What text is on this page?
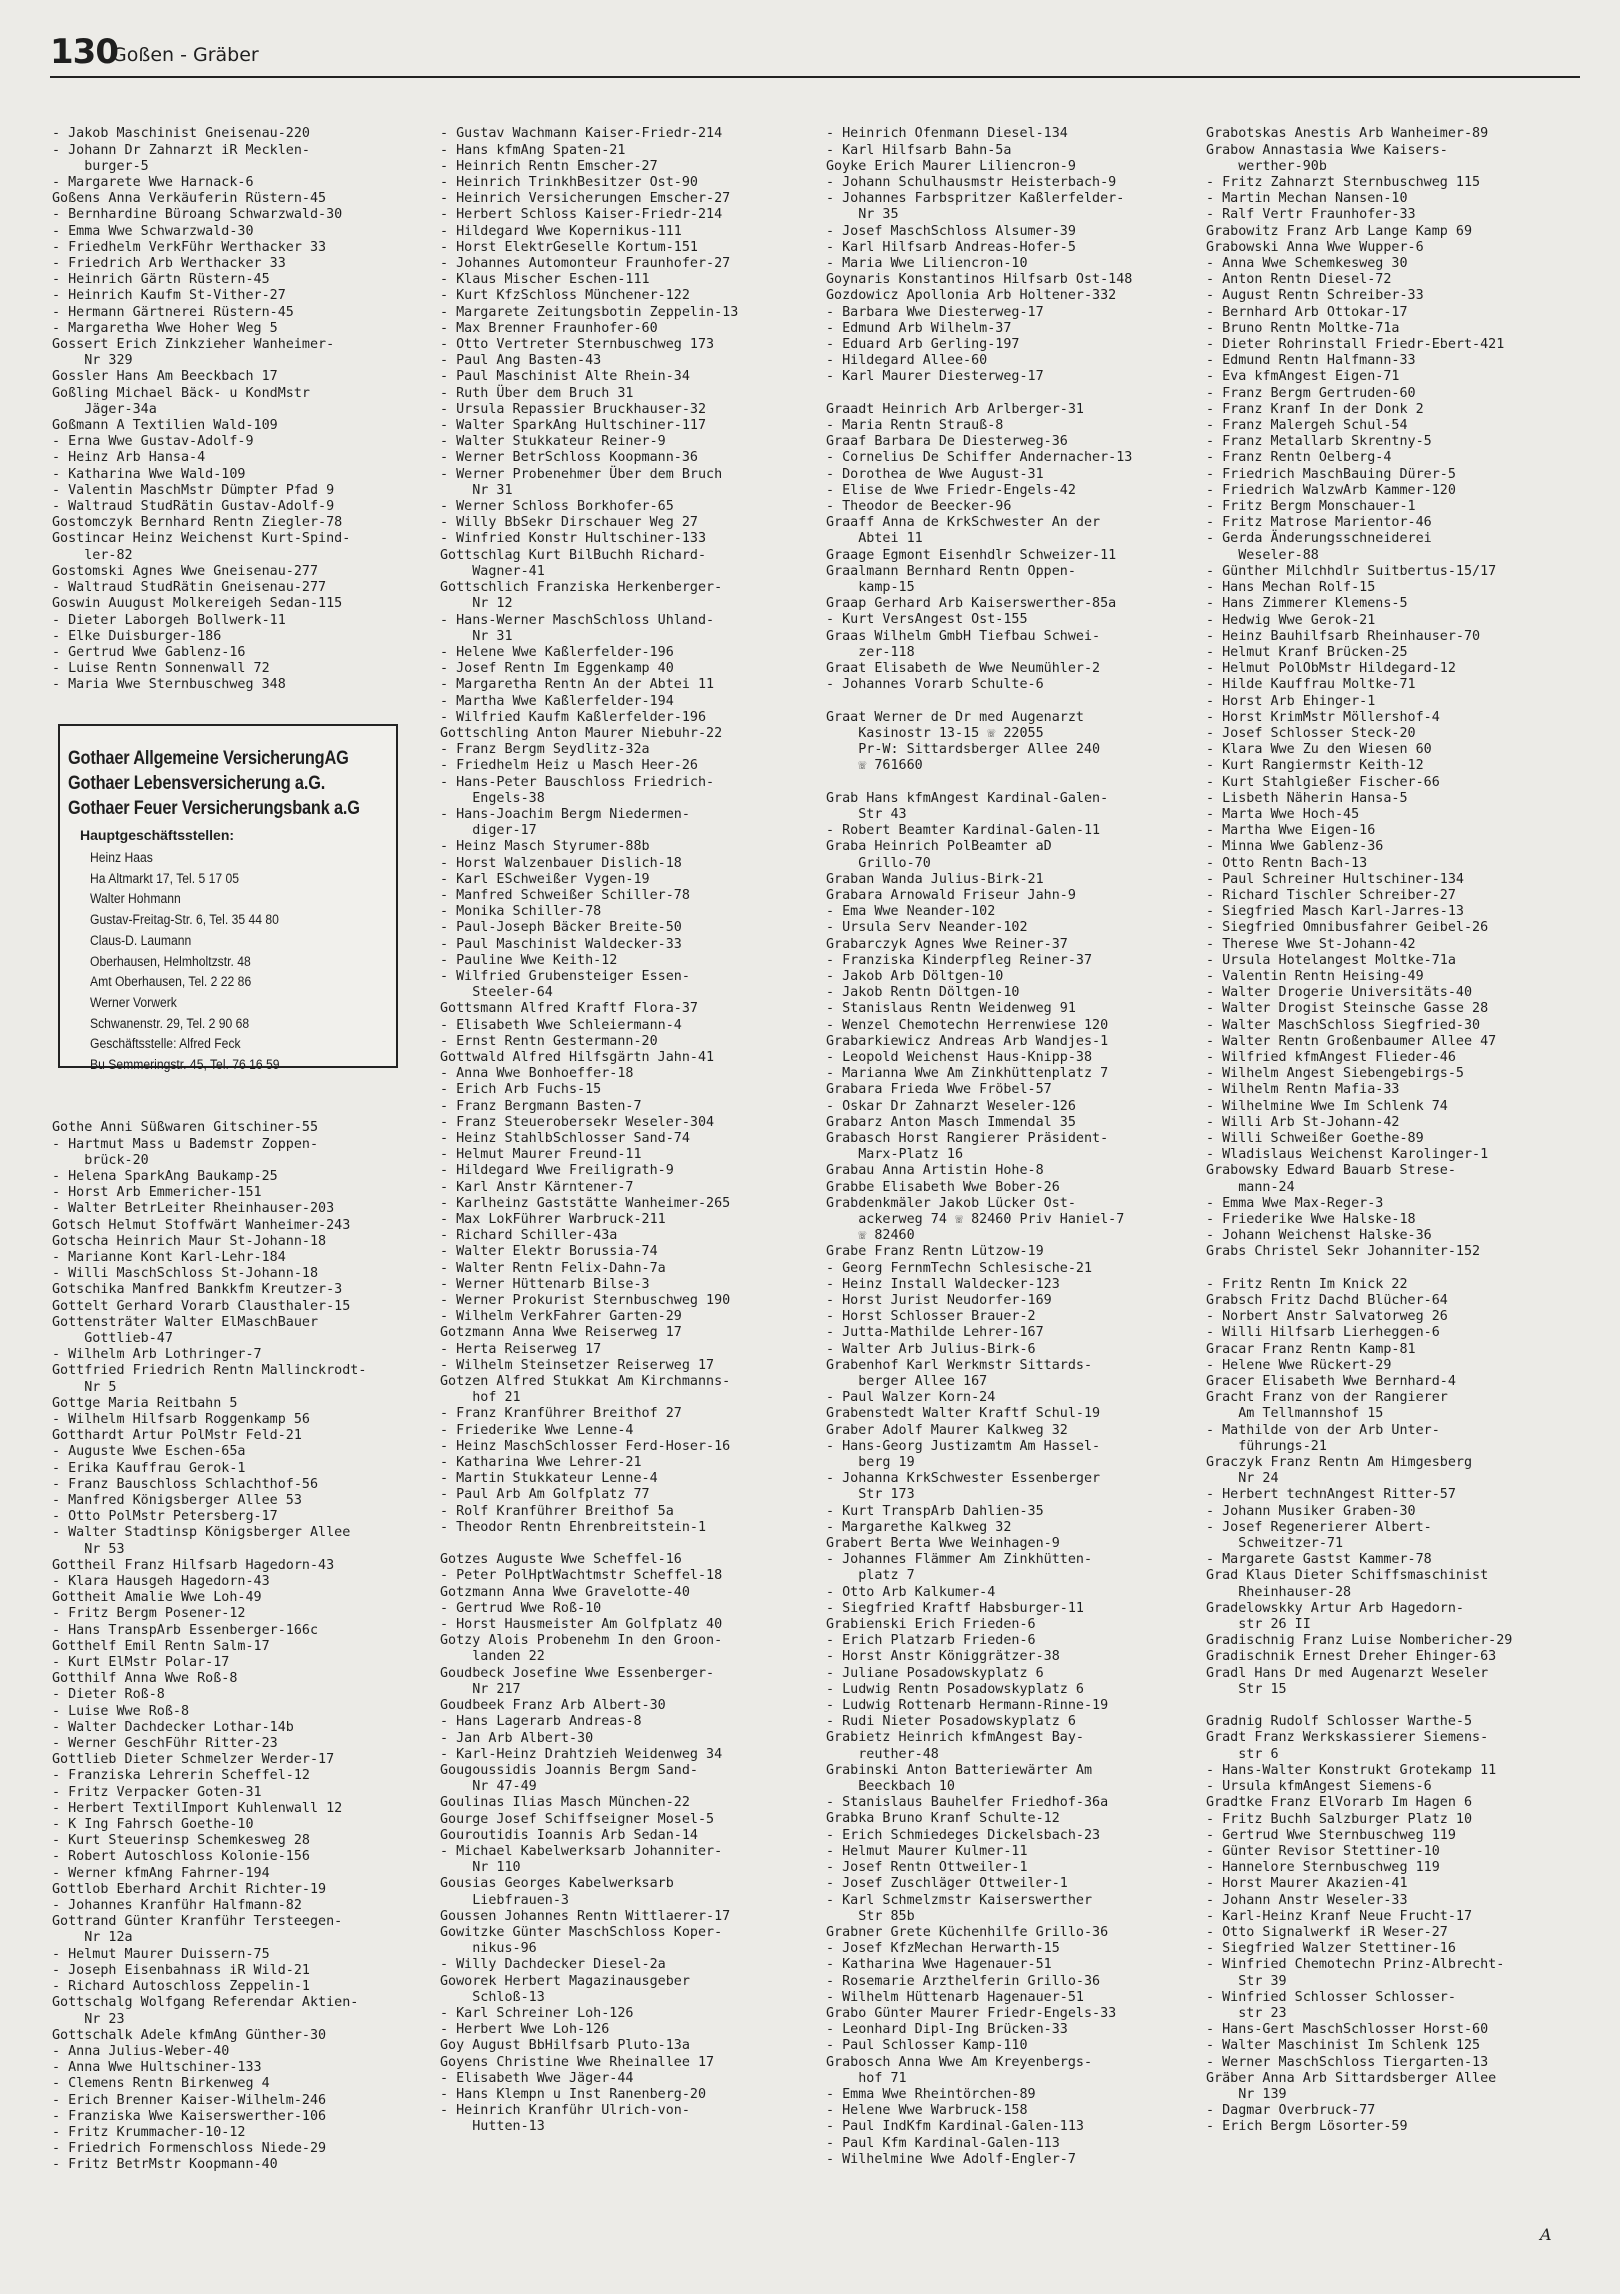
130
Goßen - Gräber

- Jakob Maschinist Gneisenau-220
- Johann Dr Zahnarzt iR Mecklen-
burger-5
- Margarete Wwe Harnack-6
Goßens Anna Verkäuferin Rüstern-45
- Bernhardine Büroang Schwarzwald-30
- Emma Wwe Schwarzwald-30
- Friedhelm VerkFühr Werthacker 33
- Friedrich Arb Werthacker 33
- Heinrich Gärtn Rüstern-45
- Heinrich Kaufm St-Vither-27
- Hermann Gärtnerei Rüstern-45
- Margaretha Wwe Hoher Weg 5
Gossert Erich Zinkzieher Wanheimer-
Nr 329
Gossler Hans Am Beeckbach 17
Goßling Michael Bäck- u KondMstr
Jäger-34a
Goßmann A Textilien Wald-109
- Erna Wwe Gustav-Adolf-9
- Heinz Arb Hansa-4
- Katharina Wwe Wald-109
- Valentin MaschMstr Dümpter Pfad 9
- Waltraud StudRätin Gustav-Adolf-9
Gostomczyk Bernhard Rentn Ziegler-78
Gostincar Heinz Weichenst Kurt-Spind-
ler-82
Gostomski Agnes Wwe Gneisenau-277
- Waltraud StudRätin Gneisenau-277
Goswin Auugust Molkereigeh Sedan-115
- Dieter Laborgeh Bollwerk-11
- Elke Duisburger-186
- Gertrud Wwe Gablenz-16
- Luise Rentn Sonnenwall 72
- Maria Wwe Sternbuschweg 348

Gothe Anni Süßwaren Gitschiner-55
- Hartmut Mass u Bademstr Zoppen-
brück-20
- Helena SparkAng Baukamp-25
- Horst Arb Emmericher-151
- Walter BetrLeiter Rheinhauser-203
Gotsch Helmut Stoffwärt Wanheimer-243
Gotscha Heinrich Maur St-Johann-18
- Marianne Kont Karl-Lehr-184
- Willi MaschSchloss St-Johann-18
Gotschika Manfred Bankkfm Kreutzer-3
Gottelt Gerhard Vorarb Clausthaler-15
Gottensträter Walter ElMaschBauer
Gottlieb-47
- Wilhelm Arb Lothringer-7
Gottfried Friedrich Rentn Mallinckrodt-
Nr 5
Gottge Maria Reitbahn 5
- Wilhelm Hilfsarb Roggenkamp 56
Gotthardt Artur PolMstr Feld-21
- Auguste Wwe Eschen-65a
- Erika Kauffrau Gerok-1
- Franz Bauschloss Schlachthof-56
- Manfred Königsberger Allee 53
- Otto PolMstr Petersberg-17
- Walter Stadtinsp Königsberger Allee
Nr 53
Gottheil Franz Hilfsarb Hagedorn-43
- Klara Hausgeh Hagedorn-43
Gottheit Amalie Wwe Loh-49
- Fritz Bergm Posener-12
- Hans TranspArb Essenberger-166c
Gotthelf Emil Rentn Salm-17
- Kurt ElMstr Polar-17
Gotthilf Anna Wwe Roß-8
- Dieter Roß-8
- Luise Wwe Roß-8
- Walter Dachdecker Lothar-14b
- Werner GeschFühr Ritter-23
Gottlieb Dieter Schmelzer Werder-17
- Franziska Lehrerin Scheffel-12
- Fritz Verpacker Goten-31
- Herbert TextilImport Kuhlenwall 12
- K Ing Fahrsch Goethe-10
- Kurt Steuerinsp Schemkesweg 28
- Robert Autoschloss Kolonie-156
- Werner kfmAng Fahrner-194
Gottlob Eberhard Archit Richter-19
- Johannes Kranführ Halfmann-82
Gottrand Günter Kranführ Tersteegen-
Nr 12a
- Helmut Maurer Duissern-75
- Joseph Eisenbahnass iR Wild-21
- Richard Autoschloss Zeppelin-1
Gottschalg Wolfgang Referendar Aktien-
Nr 23
Gottschalk Adele kfmAng Günther-30
- Anna Julius-Weber-40
- Anna Wwe Hultschiner-133
- Clemens Rentn Birkenweg 4
- Erich Brenner Kaiser-Wilhelm-246
- Franziska Wwe Kaiserswerther-106
- Fritz Krummacher-10-12
- Friedrich Formenschloss Niede-29
- Fritz BetrMstr Koopmann-40

Gothaer Allgemeine VersicherungAG
Gothaer Lebensversicherung a.G.
Gothaer Feuer Versicherungsbank a.G
Hauptgeschäftsstellen:
Heinz Haas
Ha Altmarkt 17, Tel. 5 17 05
Walter Hohmann
Gustav-Freitag-Str. 6, Tel. 35 44 80
Claus-D. Laumann
Oberhausen, Helmholtzstr. 48
Amt Oberhausen, Tel. 2 22 86
Werner Vorwerk
Schwanenstr. 29, Tel. 2 90 68
Geschäftsstelle: Alfred Feck
Bu Semmeringstr. 45, Tel. 76 16 59

- Gustav Wachmann Kaiser-Friedr-214
- Hans kfmAng Spaten-21
- Heinrich Rentn Emscher-27
- Heinrich TrinkhBesitzer Ost-90
- Heinrich Versicherungen Emscher-27
- Herbert Schloss Kaiser-Friedr-214
- Hildegard Wwe Kopernikus-111
- Horst ElektrGeselle Kortum-151
- Johannes Automonteur Fraunhofer-27
- Klaus Mischer Eschen-111
- Kurt KfzSchloss Münchener-122
- Margarete Zeitungsbotin Zeppelin-13
- Max Brenner Fraunhofer-60
- Otto Vertreter Sternbuschweg 173
- Paul Ang Basten-43
- Paul Maschinist Alte Rhein-34
- Ruth Über dem Bruch 31
- Ursula Repassier Bruckhauser-32
- Walter SparkAng Hultschiner-117
- Walter Stukkateur Reiner-9
- Werner BetrSchloss Koopmann-36
- Werner Probenehmer Über dem Bruch
Nr 31
- Werner Schloss Borkhofer-65
- Willy BbSekr Dirschauer Weg 27
- Winfried Konstr Hultschiner-133
Gottschlag Kurt BilBuchh Richard-
Wagner-41
Gottschlich Franziska Herkenberger-
Nr 12
- Hans-Werner MaschSchloss Uhland-
Nr 31
- Helene Wwe Kaßlerfelder-196
- Josef Rentn Im Eggenkamp 40
- Margaretha Rentn An der Abtei 11
- Martha Wwe Kaßlerfelder-194
- Wilfried Kaufm Kaßlerfelder-196
Gottschling Anton Maurer Niebuhr-22
- Franz Bergm Seydlitz-32a
- Friedhelm Heiz u Masch Heer-26
- Hans-Peter Bauschloss Friedrich-
Engels-38
- Hans-Joachim Bergm Niedermen-
diger-17
- Heinz Masch Styrumer-88b
- Horst Walzenbauer Dislich-18
- Karl ESchweißer Vygen-19
- Manfred Schweißer Schiller-78
- Monika Schiller-78
- Paul-Joseph Bäcker Breite-50
- Paul Maschinist Waldecker-33
- Pauline Wwe Keith-12
- Wilfried Grubensteiger Essen-
Steeler-64
Gottsmann Alfred Kraftf Flora-37
- Elisabeth Wwe Schleiermann-4
- Ernst Rentn Gestermann-20
Gottwald Alfred Hilfsgärtn Jahn-41
- Anna Wwe Bonhoeffer-18
- Erich Arb Fuchs-15
- Franz Bergmann Basten-7
- Franz Steuerobersekr Weseler-304
- Heinz StahlbSchlosser Sand-74
- Helmut Maurer Freund-11
- Hildegard Wwe Freiligrath-9
- Karl Anstr Kärntener-7
- Karlheinz Gaststätte Wanheimer-265
- Max LokFührer Warbruck-211
- Richard Schiller-43a
- Walter Elektr Borussia-74
- Walter Rentn Felix-Dahn-7a
- Werner Hüttenarb Bilse-3
- Werner Prokurist Sternbuschweg 190
- Wilhelm VerkFahrer Garten-29
Gotzmann Anna Wwe Reiserweg 17
- Herta Reiserweg 17
- Wilhelm Steinsetzer Reiserweg 17
Gotzen Alfred Stukkat Am Kirchmanns-
hof 21
- Franz Kranführer Breithof 27
- Friederike Wwe Lenne-4
- Heinz MaschSchlosser Ferd-Hoser-16
- Katharina Wwe Lehrer-21
- Martin Stukkateur Lenne-4
- Paul Arb Am Golfplatz 77
- Rolf Kranführer Breithof 5a
- Theodor Rentn Ehrenbreitstein-1
Gotzes Auguste Wwe Scheffel-16
- Peter PolHptWachtmstr Scheffel-18
Gotzmann Anna Wwe Gravelotte-40
- Gertrud Wwe Roß-10
- Horst Hausmeister Am Golfplatz 40
Gotzy Alois Probenehm In den Groon-
landen 22
Goudbeck Josefine Wwe Essenberger-
Nr 217
Goudbeek Franz Arb Albert-30
- Hans Lagerarb Andreas-8
- Jan Arb Albert-30
- Karl-Heinz Drahtzieh Weidenweg 34
Gougoussidis Joannis Bergm Sand-
Nr 47-49
Goulinas Ilias Masch München-22
Gourge Josef Schiffseigner Mosel-5
Gouroutidis Ioannis Arb Sedan-14
- Michael Kabelwerksarb Johanniter-
Nr 110
Gousias Georges Kabelwerksarb
Liebfrauen-3
Goussen Johannes Rentn Wittlaerer-17
Gowitzke Günter MaschSchloss Koper-
nikus-96
- Willy Dachdecker Diesel-2a
Goworek Herbert Magazinausgeber
Schloß-13
- Karl Schreiner Loh-126
- Herbert Wwe Loh-126
Goy August BbHilfsarb Pluto-13a
Goyens Christine Wwe Rheinallee 17
- Elisabeth Wwe Jäger-44
- Hans Klempn u Inst Ranenberg-20
- Heinrich Kranführ Ulrich-von-
Hutten-13

- Heinrich Ofenmann Diesel-134
- Karl Hilfsarb Bahn-5a
Goyke Erich Maurer Liliencron-9
- Johann Schulhausmstr Heisterbach-9
- Johannes Farbspritzer Kaßlerfelder-
Nr 35
- Josef MaschSchloss Alsumer-39
- Karl Hilfsarb Andreas-Hofer-5
- Maria Wwe Liliencron-10
Goynaris Konstantinos Hilfsarb Ost-148
Gozdowicz Apollonia Arb Holtener-332
- Barbara Wwe Diesterweg-17
- Edmund Arb Wilhelm-37
- Eduard Arb Gerling-197
- Hildegard Allee-60
- Karl Maurer Diesterweg-17
Graadt Heinrich Arb Arlberger-31
- Maria Rentn Strauß-8
Graaf Barbara De Diesterweg-36
- Cornelius De Schiffer Andernacher-13
- Dorothea de Wwe August-31
- Elise de Wwe Friedr-Engels-42
- Theodor de Beecker-96
Graaff Anna de KrkSchwester An der
Abtei 11
Graage Egmont Eisenhdlr Schweizer-11
Graalmann Bernhard Rentn Oppen-
kamp-15
Graap Gerhard Arb Kaiserswerther-85a
- Kurt VersAngest Ost-155
Graas Wilhelm GmbH Tiefbau Schwei-
zer-118
Graat Elisabeth de Wwe Neumühler-2
- Johannes Vorarb Schulte-6
Graat Werner de Dr med Augenarzt
Kasinostr 13-15 ☏ 22055
Pr-W: Sittardsberger Allee 240
☏ 761660
Grab Hans kfmAngest Kardinal-Galen-
Str 43
- Robert Beamter Kardinal-Galen-11
Graba Heinrich PolBeamter aD
Grillo-70
Graban Wanda Julius-Birk-21
Grabara Arnowald Friseur Jahn-9
- Ema Wwe Neander-102
- Ursula Serv Neander-102
Grabarczyk Agnes Wwe Reiner-37
- Franziska Kinderpfleg Reiner-37
- Jakob Arb Döltgen-10
- Jakob Rentn Döltgen-10
- Stanislaus Rentn Weidenweg 91
- Wenzel Chemotechn Herrenwiese 120
Grabarkiewicz Andreas Arb Wandjes-1
- Leopold Weichenst Haus-Knipp-38
- Marianna Wwe Am Zinkhüttenplatz 7
Grabara Frieda Wwe Fröbel-57
- Oskar Dr Zahnarzt Weseler-126
Grabarz Anton Masch Immendal 35
Grabasch Horst Rangierer Präsident-
Marx-Platz 16
Grabau Anna Artistin Hohe-8
Grabbe Elisabeth Wwe Bober-26
Grabdenkmäler Jakob Lücker Ost-
ackerweg 74 ☏ 82460 Priv Haniel-7
☏ 82460
Grabe Franz Rentn Lützow-19
- Georg FernmTechn Schlesische-21
- Heinz Install Waldecker-123
- Horst Jurist Neudorfer-169
- Horst Schlosser Brauer-2
- Jutta-Mathilde Lehrer-167
- Walter Arb Julius-Birk-6
Grabenhof Karl Werkmstr Sittards-
berger Allee 167
- Paul Walzer Korn-24
Grabenstedt Walter Kraftf Schul-19
Graber Adolf Maurer Kalkweg 32
- Hans-Georg Justizamtm Am Hassel-
berg 19
- Johanna KrkSchwester Essenberger
Str 173
- Kurt TranspArb Dahlien-35
- Margarethe Kalkweg 32
Grabert Berta Wwe Weinhagen-9
- Johannes Flämmer Am Zinkhütten-
platz 7
- Otto Arb Kalkumer-4
- Siegfried Kraftf Habsburger-11
Grabienski Erich Frieden-6
- Erich Platzarb Frieden-6
- Horst Anstr Königgrätzer-38
- Juliane Posadowskyplatz 6
- Ludwig Rentn Posadowskyplatz 6
- Ludwig Rottenarb Hermann-Rinne-19
- Rudi Nieter Posadowskyplatz 6
Grabietz Heinrich kfmAngest Bay-
reuther-48
Grabinski Anton Batteriewärter Am
Beeckbach 10
- Stanislaus Bauhelfer Friedhof-36a
Grabka Bruno Kranf Schulte-12
- Erich Schmiedeges Dickelsbach-23
- Helmut Maurer Kulmer-11
- Josef Rentn Ottweiler-1
- Josef Zuschläger Ottweiler-1
- Karl Schmelzmstr Kaiserswerther
Str 85b
Grabner Grete Küchenhilfe Grillo-36
- Josef KfzMechan Herwarth-15
- Katharina Wwe Hagenauer-51
- Rosemarie Arzthelferin Grillo-36
- Wilhelm Hüttenarb Hagenauer-51
Grabo Günter Maurer Friedr-Engels-33
- Leonhard Dipl-Ing Brücken-33
- Paul Schlosser Kamp-110
Grabosch Anna Wwe Am Kreyenbergs-
hof 71
- Emma Wwe Rheintörchen-89
- Helene Wwe Warbruck-158
- Paul IndKfm Kardinal-Galen-113
- Paul Kfm Kardinal-Galen-113
- Wilhelmine Wwe Adolf-Engler-7

Grabotskas Anestis Arb Wanheimer-89
Grabow Annastasia Wwe Kaisers-
werther-90b
- Fritz Zahnarzt Sternbuschweg 115
- Martin Mechan Nansen-10
- Ralf Vertr Fraunhofer-33
Grabowitz Franz Arb Lange Kamp 69
Grabowski Anna Wwe Wupper-6
- Anna Wwe Schemkesweg 30
- Anton Rentn Diesel-72
- August Rentn Schreiber-33
- Bernhard Arb Ottokar-17
- Bruno Rentn Moltke-71a
- Dieter Rohrinstall Friedr-Ebert-421
- Edmund Rentn Halfmann-33
- Eva kfmAngest Eigen-71
- Franz Bergm Gertruden-60
- Franz Kranf In der Donk 2
- Franz Malergeh Schul-54
- Franz Metallarb Skrentny-5
- Franz Rentn Oelberg-4
- Friedrich MaschBauing Dürer-5
- Friedrich WalzwArb Kammer-120
- Fritz Bergm Monschauer-1
- Fritz Matrose Marientor-46
- Gerda Änderungsschneiderei
Weseler-88
- Günther Milchhdlr Suitbertus-15/17
- Hans Mechan Rolf-15
- Hans Zimmerer Klemens-5
- Hedwig Wwe Gerok-21
- Heinz Bauhilfsarb Rheinhauser-70
- Helmut Kranf Brücken-25
- Helmut PolObMstr Hildegard-12
- Hilde Kauffrau Moltke-71
- Horst Arb Ehinger-1
- Horst KrimMstr Möllershof-4
- Josef Schlosser Steck-20
- Klara Wwe Zu den Wiesen 60
- Kurt Rangiermstr Keith-12
- Kurt Stahlgießer Fischer-66
- Lisbeth Näherin Hansa-5
- Marta Wwe Hoch-45
- Martha Wwe Eigen-16
- Minna Wwe Gablenz-36
- Otto Rentn Bach-13
- Paul Schreiner Hultschiner-134
- Richard Tischler Schreiber-27
- Siegfried Masch Karl-Jarres-13
- Siegfried Omnibusfahrer Geibel-26
- Therese Wwe St-Johann-42
- Ursula Hotelangest Moltke-71a
- Valentin Rentn Heising-49
- Walter Drogerie Universitäts-40
- Walter Drogist Steinsche Gasse 28
- Walter MaschSchloss Siegfried-30
- Walter Rentn Großenbaumer Allee 47
- Wilfried kfmAngest Flieder-46
- Wilhelm Angest Siebengebirgs-5
- Wilhelm Rentn Mafia-33
- Wilhelmine Wwe Im Schlenk 74
- Willi Arb St-Johann-42
- Willi Schweißer Goethe-89
- Wladislaus Weichenst Karolinger-1
Grabowsky Edward Bauarb Strese-
mann-24
- Emma Wwe Max-Reger-3
- Friederike Wwe Halske-18
- Johann Weichenst Halske-36
Grabs Christel Sekr Johanniter-152
- Fritz Rentn Im Knick 22
Grabsch Fritz Dachd Blücher-64
- Norbert Anstr Salvatorweg 26
- Willi Hilfsarb Lierheggen-6
Gracar Franz Rentn Kamp-81
- Helene Wwe Rückert-29
Gracer Elisabeth Wwe Bernhard-4
Gracht Franz von der Rangierer
Am Tellmannshof 15
- Mathilde von der Arb Unter-
führungs-21
Graczyk Franz Rentn Am Himgesberg
Nr 24
- Herbert technAngest Ritter-57
- Johann Musiker Graben-30
- Josef Regenerierer Albert-
Schweitzer-71
- Margarete Gastst Kammer-78
Grad Klaus Dieter Schiffsmaschinist
Rheinhauser-28
Gradelowskky Artur Arb Hagedorn-
str 26 II
Gradischnig Franz Luise Nombericher-29
Gradischnik Ernest Dreher Ehinger-63
Gradl Hans Dr med Augenarzt Weseler
Str 15
Gradnig Rudolf Schlosser Warthe-5
Gradt Franz Werkskassierer Siemens-
str 6
- Hans-Walter Konstrukt Grotekamp 11
- Ursula kfmAngest Siemens-6
Gradtke Franz ElVorarb Im Hagen 6
- Fritz Buchh Salzburger Platz 10
- Gertrud Wwe Sternbuschweg 119
- Günter Revisor Stettiner-10
- Hannelore Sternbuschweg 119
- Horst Maurer Akazien-41
- Johann Anstr Weseler-33
- Karl-Heinz Kranf Neue Frucht-17
- Otto Signalwerkf iR Weser-27
- Siegfried Walzer Stettiner-16
- Winfried Chemotechn Prinz-Albrecht-
Str 39
- Winfried Schlosser Schlosser-
str 23
- Hans-Gert MaschSchlosser Horst-60
- Walter Maschinist Im Schlenk 125
- Werner MaschSchloss Tiergarten-13
Gräber Anna Arb Sittardsberger Allee
Nr 139
- Dagmar Overbruck-77
- Erich Bergm Lösorter-59

A
